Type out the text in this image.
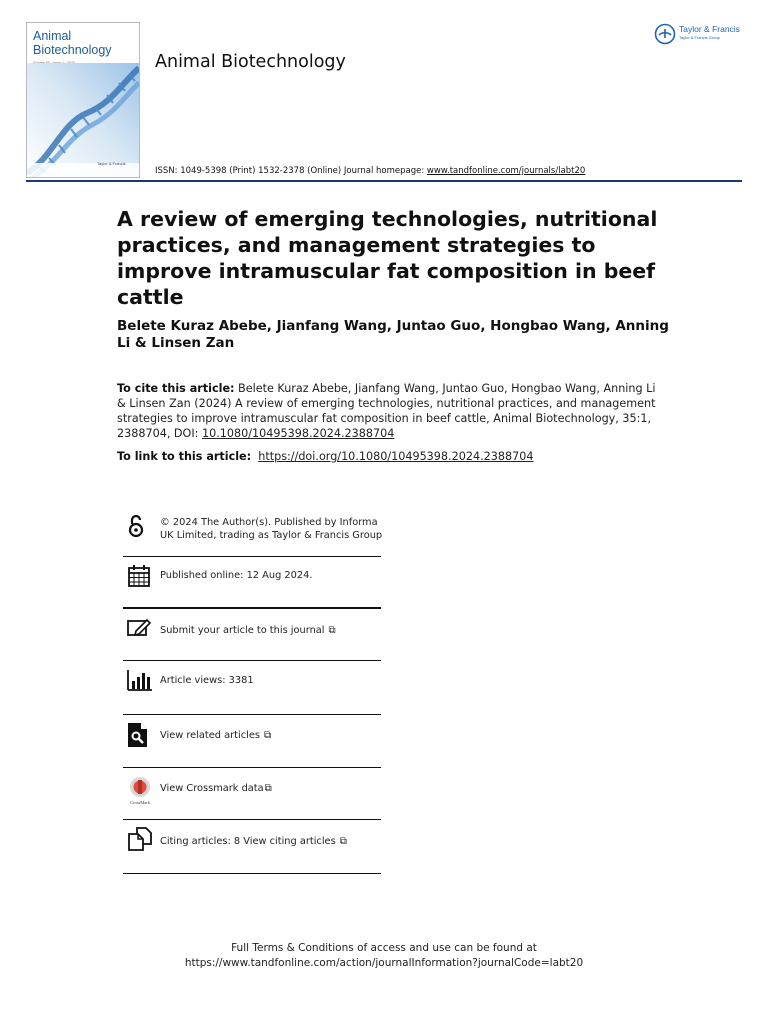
Animal
Biotechnology
Taylor & Francis
Animal Biotechnology
Taylor & Francis
Taylor & Francis Group
ISSN: 1049-5398 (Print) 1532-2378 (Online) Journal homepage: www.tandfonline.com/journals/labt20
A review of emerging technologies, nutritional practices, and management strategies to improve intramuscular fat composition in beef cattle
Belete Kuraz Abebe, Jianfang Wang, Juntao Guo, Hongbao Wang, Anning Li & Linsen Zan
To cite this article: Belete Kuraz Abebe, Jianfang Wang, Juntao Guo, Hongbao Wang, Anning Li & Linsen Zan (2024) A review of emerging technologies, nutritional practices, and management strategies to improve intramuscular fat composition in beef cattle, Animal Biotechnology, 35:1, 2388704, DOI: 10.1080/10495398.2024.2388704
To link to this article: https://doi.org/10.1080/10495398.2024.2388704
© 2024 The Author(s). Published by Informa UK Limited, trading as Taylor & Francis Group
Published online: 12 Aug 2024.
Submit your article to this journal ⧉
Article views: 3381
View related articles ⧉
CrossMark
View Crossmark data⧉
Citing articles: 8 View citing articles ⧉
Full Terms & Conditions of access and use can be found at
https://www.tandfonline.com/action/journalInformation?journalCode=labt20
